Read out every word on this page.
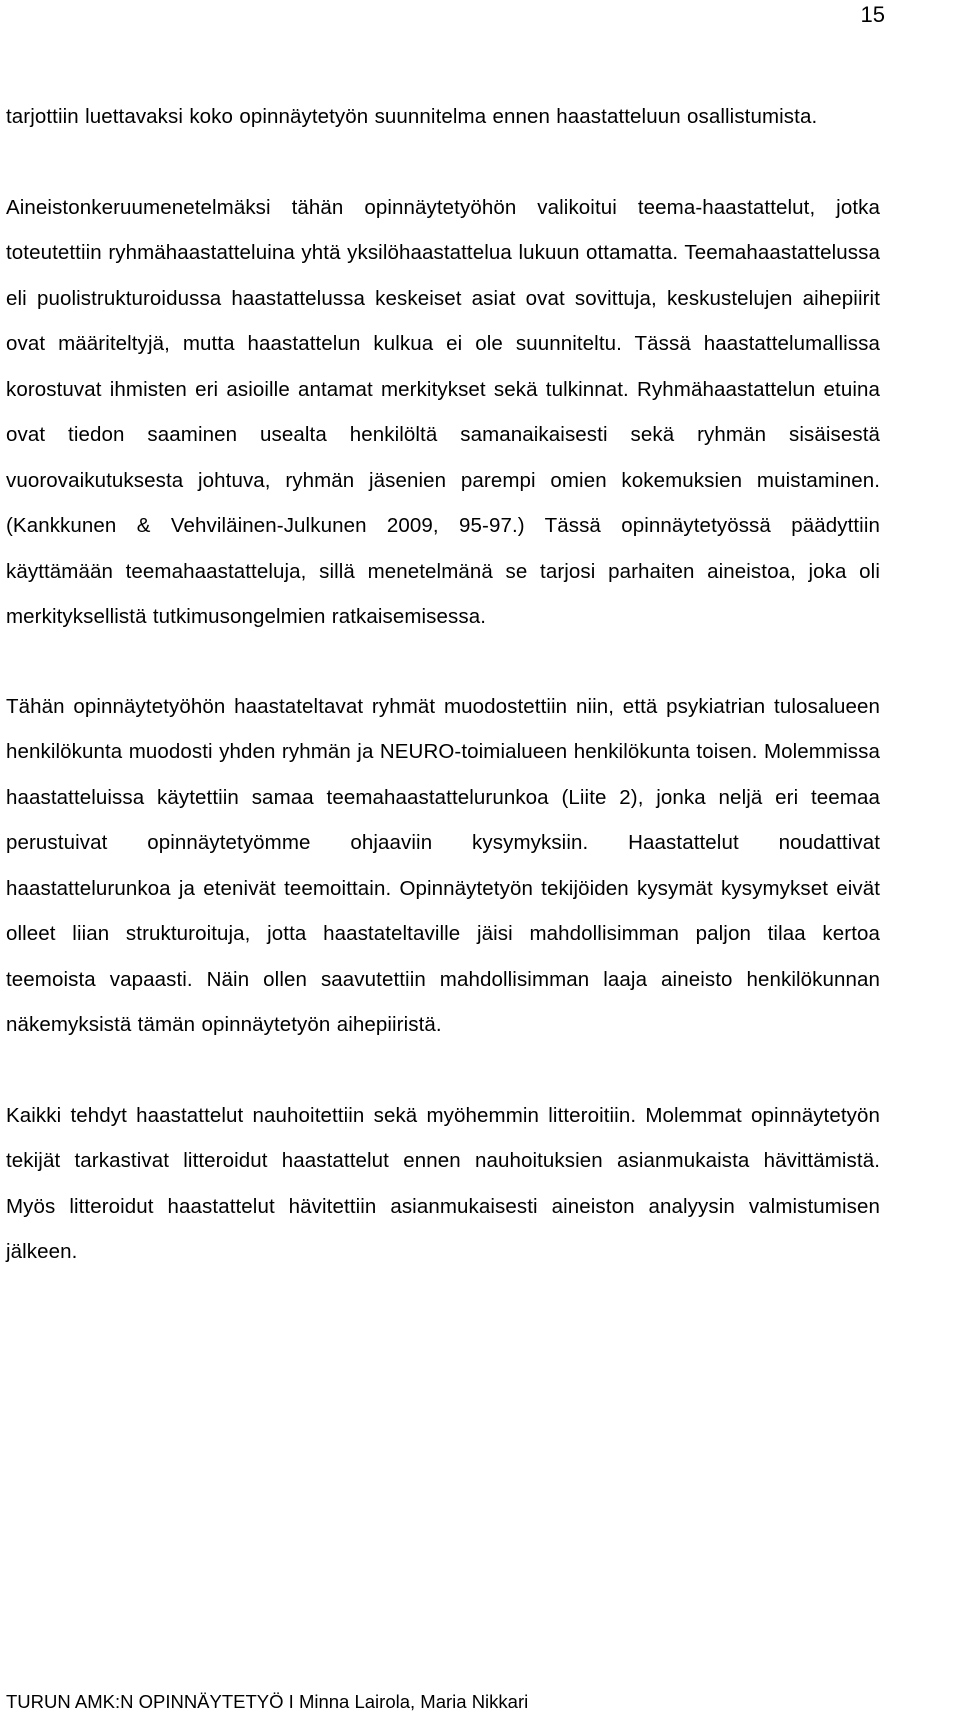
15

tarjottiin luettavaksi koko opinnäytetyön suunnitelma ennen haastatteluun osallistumista.

Aineistonkeruumenetelmäksi tähän opinnäytetyöhön valikoitui teema-haastattelut, jotka toteutettiin ryhmähaastatteluina yhtä yksilöhaastattelua lukuun ottamatta. Teemahaastattelussa eli puolistrukturoidussa haastattelussa keskeiset asiat ovat sovittuja, keskustelujen aihepiirit ovat määriteltyjä, mutta haastattelun kulkua ei ole suunniteltu. Tässä haastattelumallissa korostuvat ihmisten eri asioille antamat merkitykset sekä tulkinnat. Ryhmähaastattelun etuina ovat tiedon saaminen usealta henkilöltä samanaikaisesti sekä ryhmän sisäisestä vuorovaikutuksesta johtuva, ryhmän jäsenien parempi omien kokemuksien muistaminen. (Kankkunen & Vehviläinen-Julkunen 2009, 95-97.) Tässä opinnäytetyössä päädyttiin käyttämään teemahaastatteluja, sillä menetelmänä se tarjosi parhaiten aineistoa, joka oli merkityksellistä tutkimusongelmien ratkaisemisessa.

Tähän opinnäytetyöhön haastateltavat ryhmät muodostettiin niin, että psykiatrian tulosalueen henkilökunta muodosti yhden ryhmän ja NEURO-toimialueen henkilökunta toisen. Molemmissa haastatteluissa käytettiin samaa teemahaastattelurunkoa (Liite 2), jonka neljä eri teemaa perustuivat opinnäytetyömme ohjaaviin kysymyksiin. Haastattelut noudattivat haastattelurunkoa ja etenivät teemoittain. Opinnäytetyön tekijöiden kysymät kysymykset eivät olleet liian strukturoituja, jotta haastateltaville jäisi mahdollisimman paljon tilaa kertoa teemoista vapaasti. Näin ollen saavutettiin mahdollisimman laaja aineisto henkilökunnan näkemyksistä tämän opinnäytetyön aihepiiristä.

Kaikki tehdyt haastattelut nauhoitettiin sekä myöhemmin litteroitiin. Molemmat opinnäytetyön tekijät tarkastivat litteroidut haastattelut ennen nauhoituksien asianmukaista hävittämistä. Myös litteroidut haastattelut hävitettiin asianmukaisesti aineiston analyysin valmistumisen jälkeen.

TURUN AMK:N OPINNÄYTETYÖ I Minna Lairola, Maria Nikkari
